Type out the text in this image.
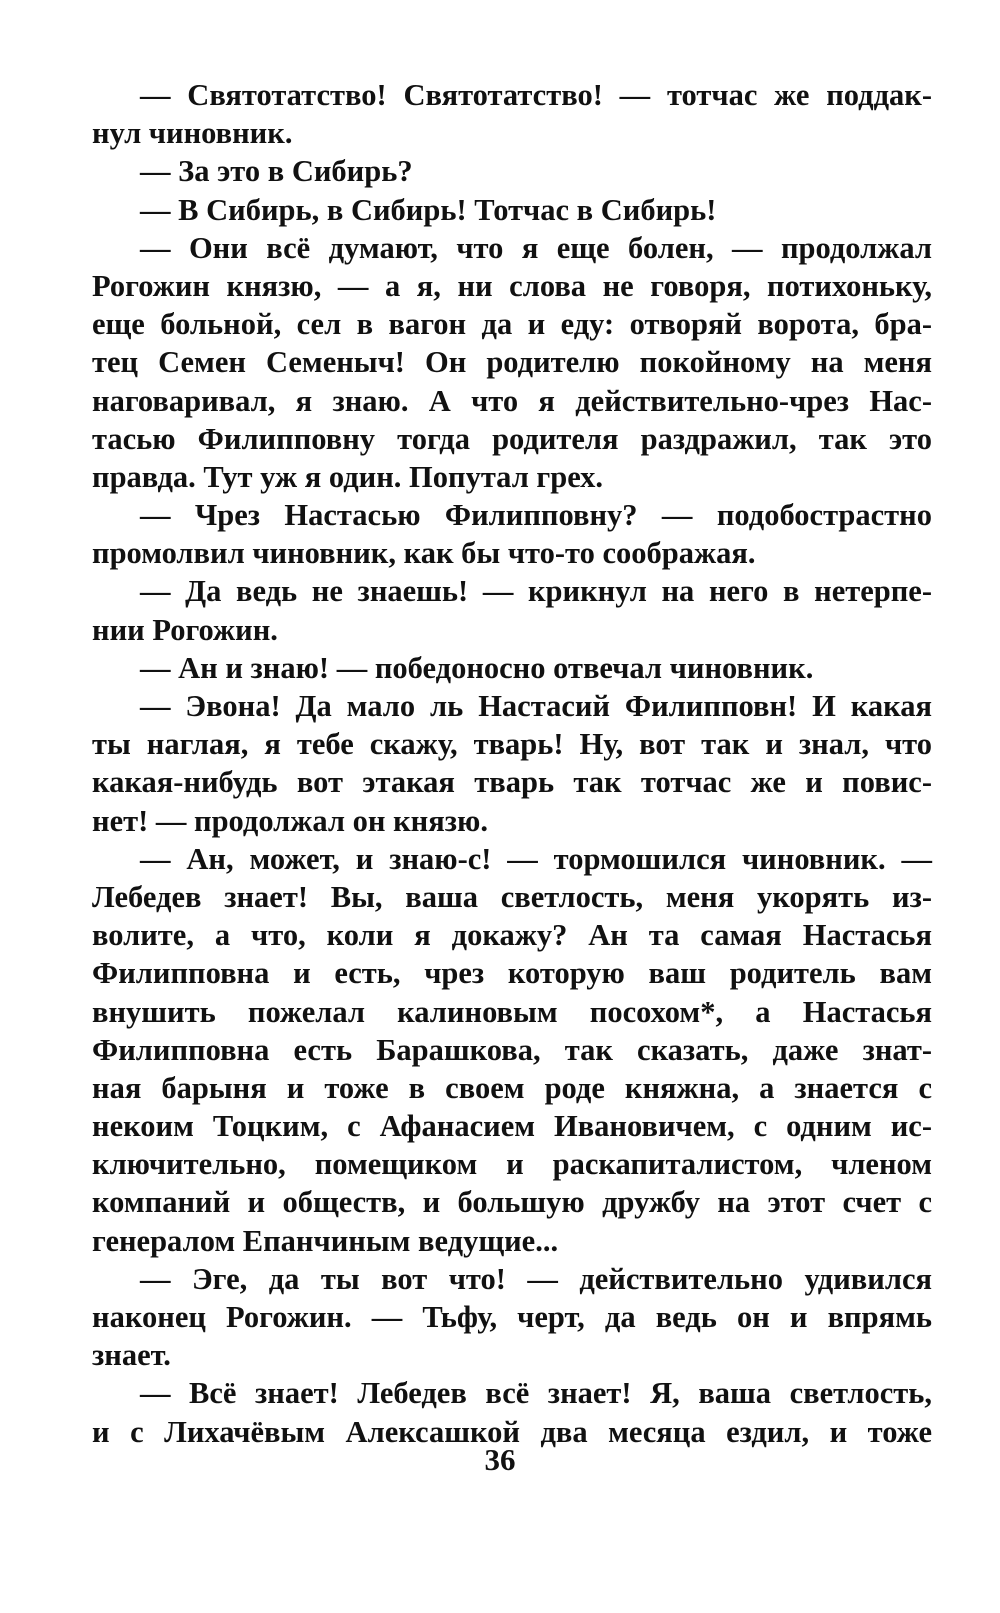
— Святотатство! Святотатство! — тотчас же поддак-
нул чиновник.
— За это в Сибирь?
— В Сибирь, в Сибирь! Тотчас в Сибирь!
— Они всё думают, что я еще болен, — продолжал
Рогожин князю, — а я, ни слова не говоря, потихоньку,
еще больной, сел в вагон да и еду: отворяй ворота, бра-
тец Семен Семеныч! Он родителю покойному на меня
наговаривал, я знаю. А что я действительно-чрез Нас-
тасью Филипповну тогда родителя раздражил, так это
правда. Тут уж я один. Попутал грех.
— Чрез Настасью Филипповну? — подобострастно
промолвил чиновник, как бы что-то соображая.
— Да ведь не знаешь! — крикнул на него в нетерпе-
нии Рогожин.
— Ан и знаю! — победоносно отвечал чиновник.
— Эвона! Да мало ль Настасий Филипповн! И какая
ты наглая, я тебе скажу, тварь! Ну, вот так и знал, что
какая-нибудь вот этакая тварь так тотчас же и повис-
нет! — продолжал он князю.
— Ан, может, и знаю-с! — тормошился чиновник. —
Лебедев знает! Вы, ваша светлость, меня укорять из-
волите, а что, коли я докажу? Ан та самая Настасья
Филипповна и есть, чрез которую ваш родитель вам
внушить пожелал калиновым посохом*, а Настасья
Филипповна есть Барашкова, так сказать, даже знат-
ная барыня и тоже в своем роде княжна, а знается с
некоим Тоцким, с Афанасием Ивановичем, с одним ис-
ключительно, помещиком и раскапиталистом, членом
компаний и обществ, и большую дружбу на этот счет с
генералом Епанчиным ведущие...
— Эге, да ты вот что! — действительно удивился
наконец Рогожин. — Тьфу, черт, да ведь он и впрямь
знает.
— Всё знает! Лебедев всё знает! Я, ваша светлость,
и с Лихачёвым Алексашкой два месяца ездил, и тоже
36
